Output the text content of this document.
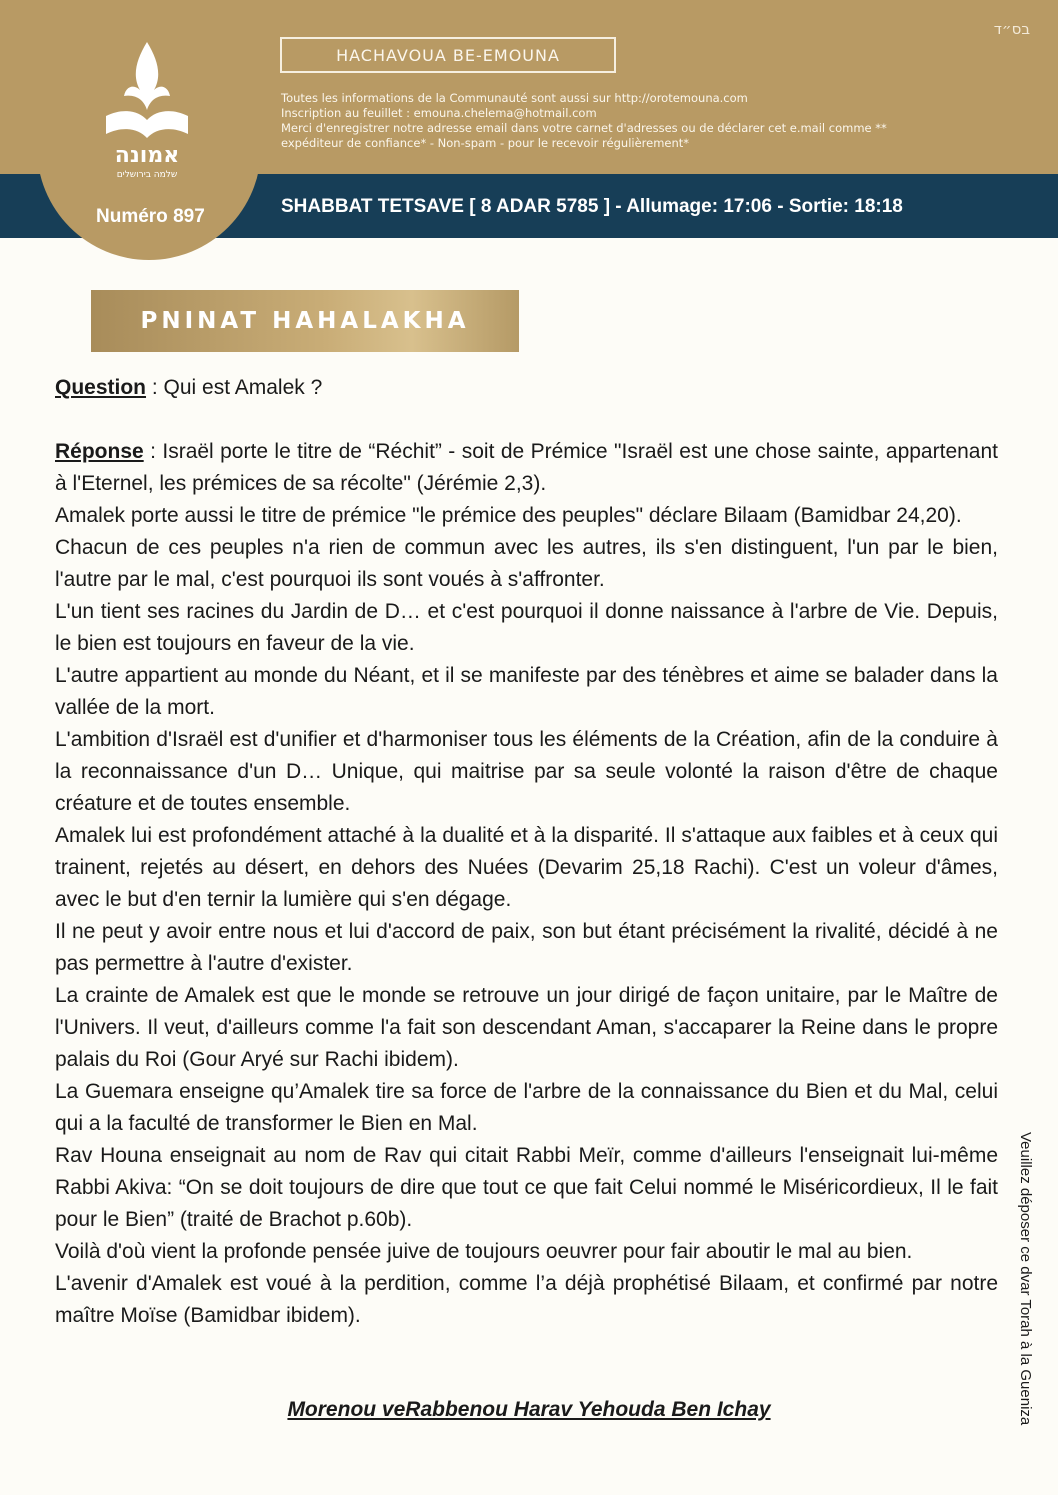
בס״ד
HACHAVOUA BE-EMOUNA
Toutes les informations de la Communauté sont aussi sur http://orotemouna.com
Inscription au feuillet : emouna.chelema@hotmail.com
Merci d'enregistrer notre adresse email dans votre carnet d'adresses ou de déclarer cet e.mail comme **
expéditeur de confiance* - Non-spam - pour le recevoir régulièrement*
SHABBAT TETSAVE [ 8 ADAR 5785 ] - Allumage: 17:06 - Sortie: 18:18
אמונה
שלמה בירושלים
Numéro 897
PNINAT HAHALAKHA

Question : Qui est Amalek ?

Réponse : Israël porte le titre de “Réchit” - soit de Prémice "Israël est une chose sainte, appartenant à l'Eternel, les prémices de sa récolte" (Jérémie 2,3).

Amalek porte aussi le titre de prémice "le prémice des peuples" déclare Bilaam (Bamidbar 24,20).

Chacun de ces peuples n'a rien de commun avec les autres, ils s'en distinguent, l'un par le bien, l'autre par le mal, c'est pourquoi ils sont voués à s'affronter.

L'un tient ses racines du Jardin de D… et c'est pourquoi il donne naissance à l'arbre de Vie. Depuis, le bien est toujours en faveur de la vie.

L'autre appartient au monde du Néant, et il se manifeste par des ténèbres et aime se balader dans la vallée de la mort.

L'ambition d'Israël est d'unifier et d'harmoniser tous les éléments de la Création, afin de la conduire à la reconnaissance d'un D… Unique, qui maitrise par sa seule volonté la raison d'être de chaque créature et de toutes ensemble.

Amalek lui est profondément attaché à la dualité et à la disparité. Il s'attaque aux faibles et à ceux qui trainent, rejetés au désert, en dehors des Nuées (Devarim 25,18 Rachi). C'est un voleur d'âmes, avec le but d'en ternir la lumière qui s'en dégage.

Il ne peut y avoir entre nous et lui d'accord de paix, son but étant précisément la rivalité, décidé à ne pas permettre à l'autre d'exister.

La crainte de Amalek est que le monde se retrouve un jour dirigé de façon unitaire, par le Maître de l'Univers. Il veut, d'ailleurs comme l'a fait son descendant Aman, s'accaparer la Reine dans le propre palais du Roi (Gour Aryé sur Rachi ibidem).

La Guemara enseigne qu’Amalek tire sa force de l'arbre de la connaissance du Bien et du Mal, celui qui a la faculté de transformer le Bien en Mal.

Rav Houna enseignait au nom de Rav qui citait Rabbi Meïr, comme d'ailleurs l'enseignait lui-même Rabbi Akiva: “On se doit toujours de dire que tout ce que fait Celui nommé le Miséricordieux, Il le fait pour le Bien” (traité de Brachot p.60b).

Voilà d'où vient la profonde pensée juive de toujours oeuvrer pour fair aboutir le mal au bien.

L'avenir d'Amalek est voué à la perdition, comme l’a déjà prophétisé Bilaam, et confirmé par notre maître Moïse (Bamidbar ibidem).

Morenou veRabbenou Harav Yehouda Ben Ichay	Veuillez déposer ce dvar Torah à la Guenizа
